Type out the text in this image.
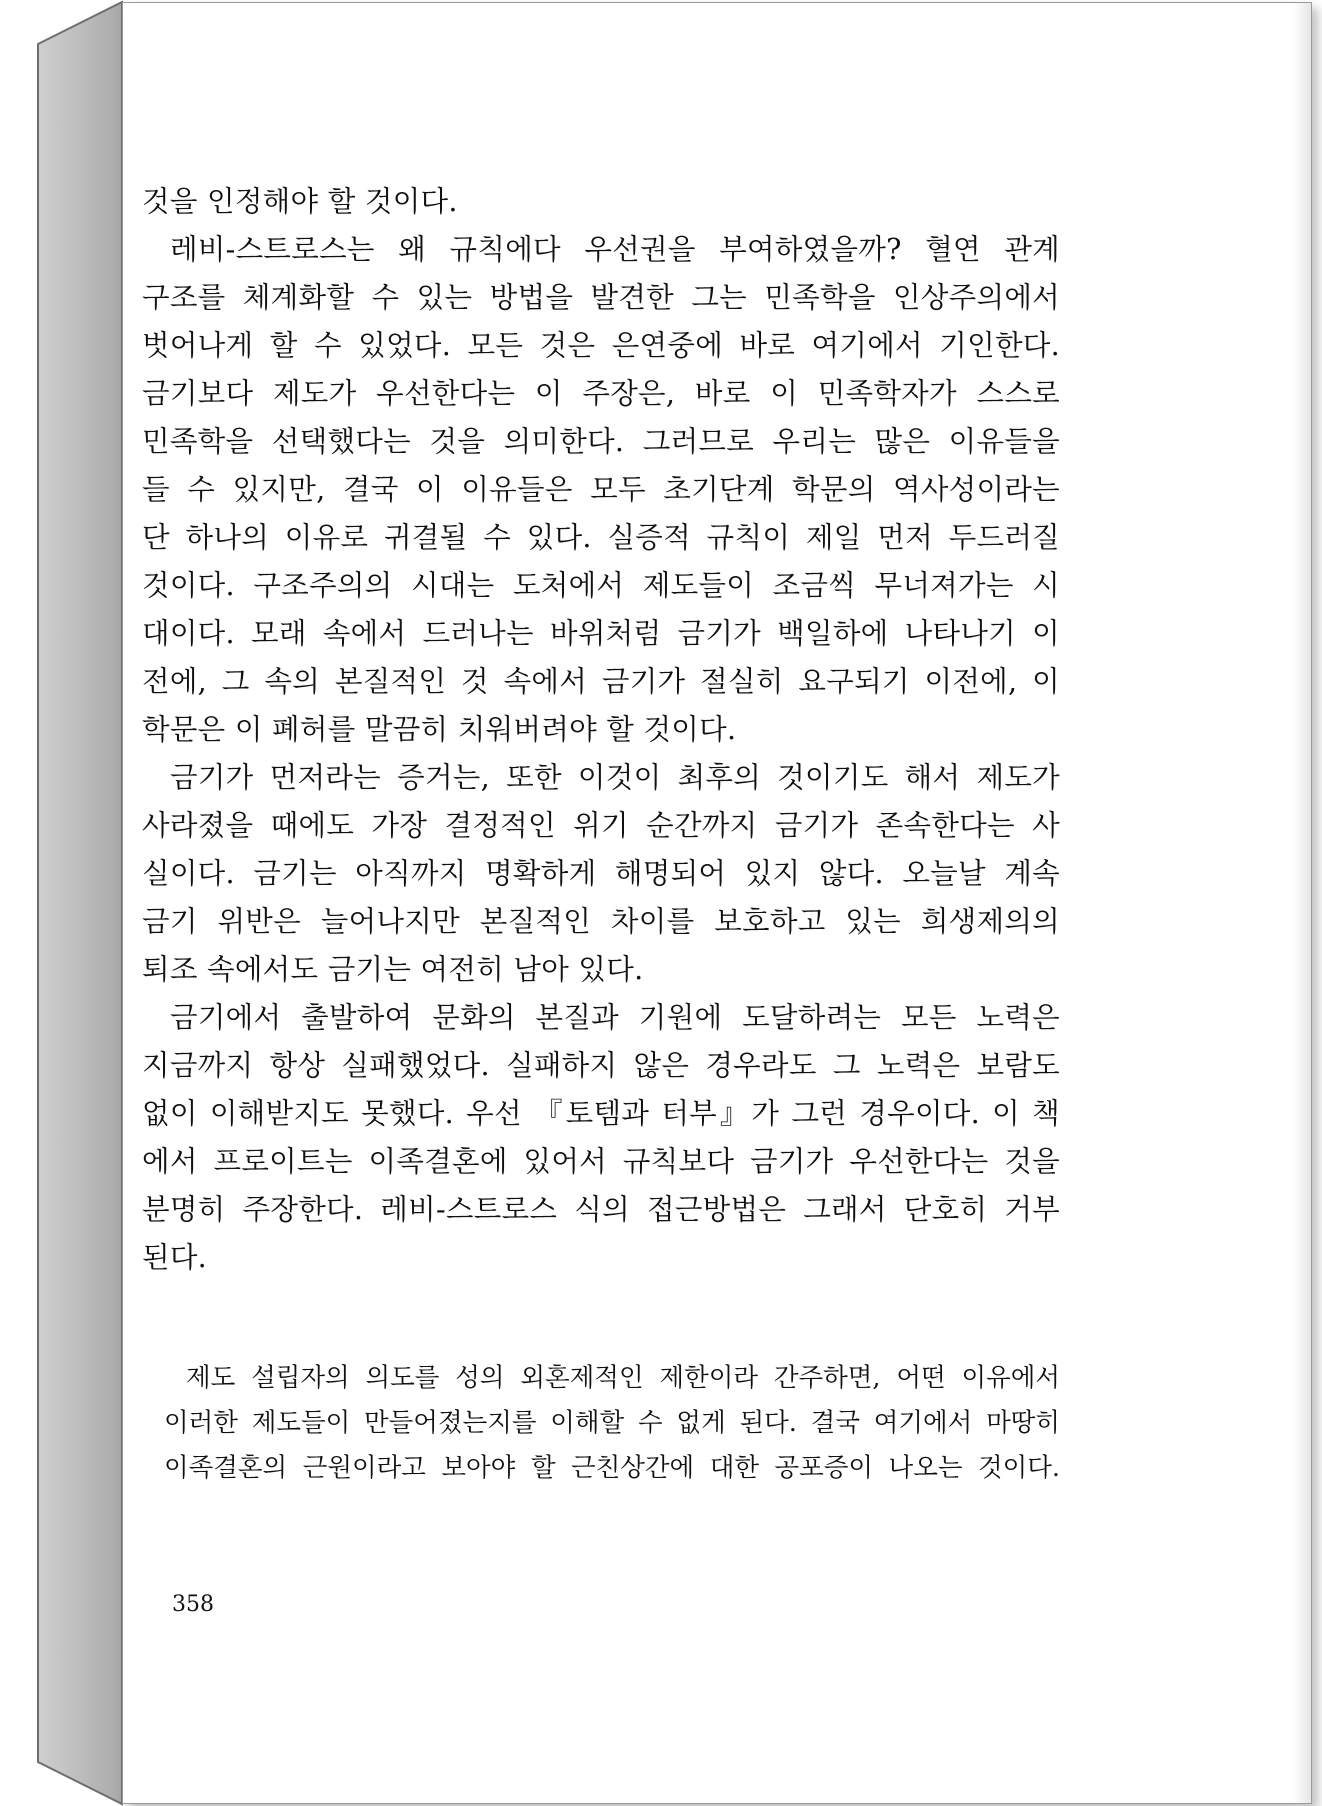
것을 인정해야 할 것이다.
레비-스트로스는 왜 규칙에다 우선권을 부여하였을까? 혈연 관계
구조를 체계화할 수 있는 방법을 발견한 그는 민족학을 인상주의에서
벗어나게 할 수 있었다. 모든 것은 은연중에 바로 여기에서 기인한다.
금기보다 제도가 우선한다는 이 주장은, 바로 이 민족학자가 스스로
민족학을 선택했다는 것을 의미한다. 그러므로 우리는 많은 이유들을
들 수 있지만, 결국 이 이유들은 모두 초기단계 학문의 역사성이라는
단 하나의 이유로 귀결될 수 있다. 실증적 규칙이 제일 먼저 두드러질
것이다. 구조주의의 시대는 도처에서 제도들이 조금씩 무너져가는 시
대이다. 모래 속에서 드러나는 바위처럼 금기가 백일하에 나타나기 이
전에, 그 속의 본질적인 것 속에서 금기가 절실히 요구되기 이전에, 이
학문은 이 폐허를 말끔히 치워버려야 할 것이다.
금기가 먼저라는 증거는, 또한 이것이 최후의 것이기도 해서 제도가
사라졌을 때에도 가장 결정적인 위기 순간까지 금기가 존속한다는 사
실이다. 금기는 아직까지 명확하게 해명되어 있지 않다. 오늘날 계속
금기 위반은 늘어나지만 본질적인 차이를 보호하고 있는 희생제의의
퇴조 속에서도 금기는 여전히 남아 있다.
금기에서 출발하여 문화의 본질과 기원에 도달하려는 모든 노력은
지금까지 항상 실패했었다. 실패하지 않은 경우라도 그 노력은 보람도
없이 이해받지도 못했다. 우선 『토템과 터부』가 그런 경우이다. 이 책
에서 프로이트는 이족결혼에 있어서 규칙보다 금기가 우선한다는 것을
분명히 주장한다. 레비-스트로스 식의 접근방법은 그래서 단호히 거부
된다.
제도 설립자의 의도를 성의 외혼제적인 제한이라 간주하면, 어떤 이유에서
이러한 제도들이 만들어졌는지를 이해할 수 없게 된다. 결국 여기에서 마땅히
이족결혼의 근원이라고 보아야 할 근친상간에 대한 공포증이 나오는 것이다.
358
